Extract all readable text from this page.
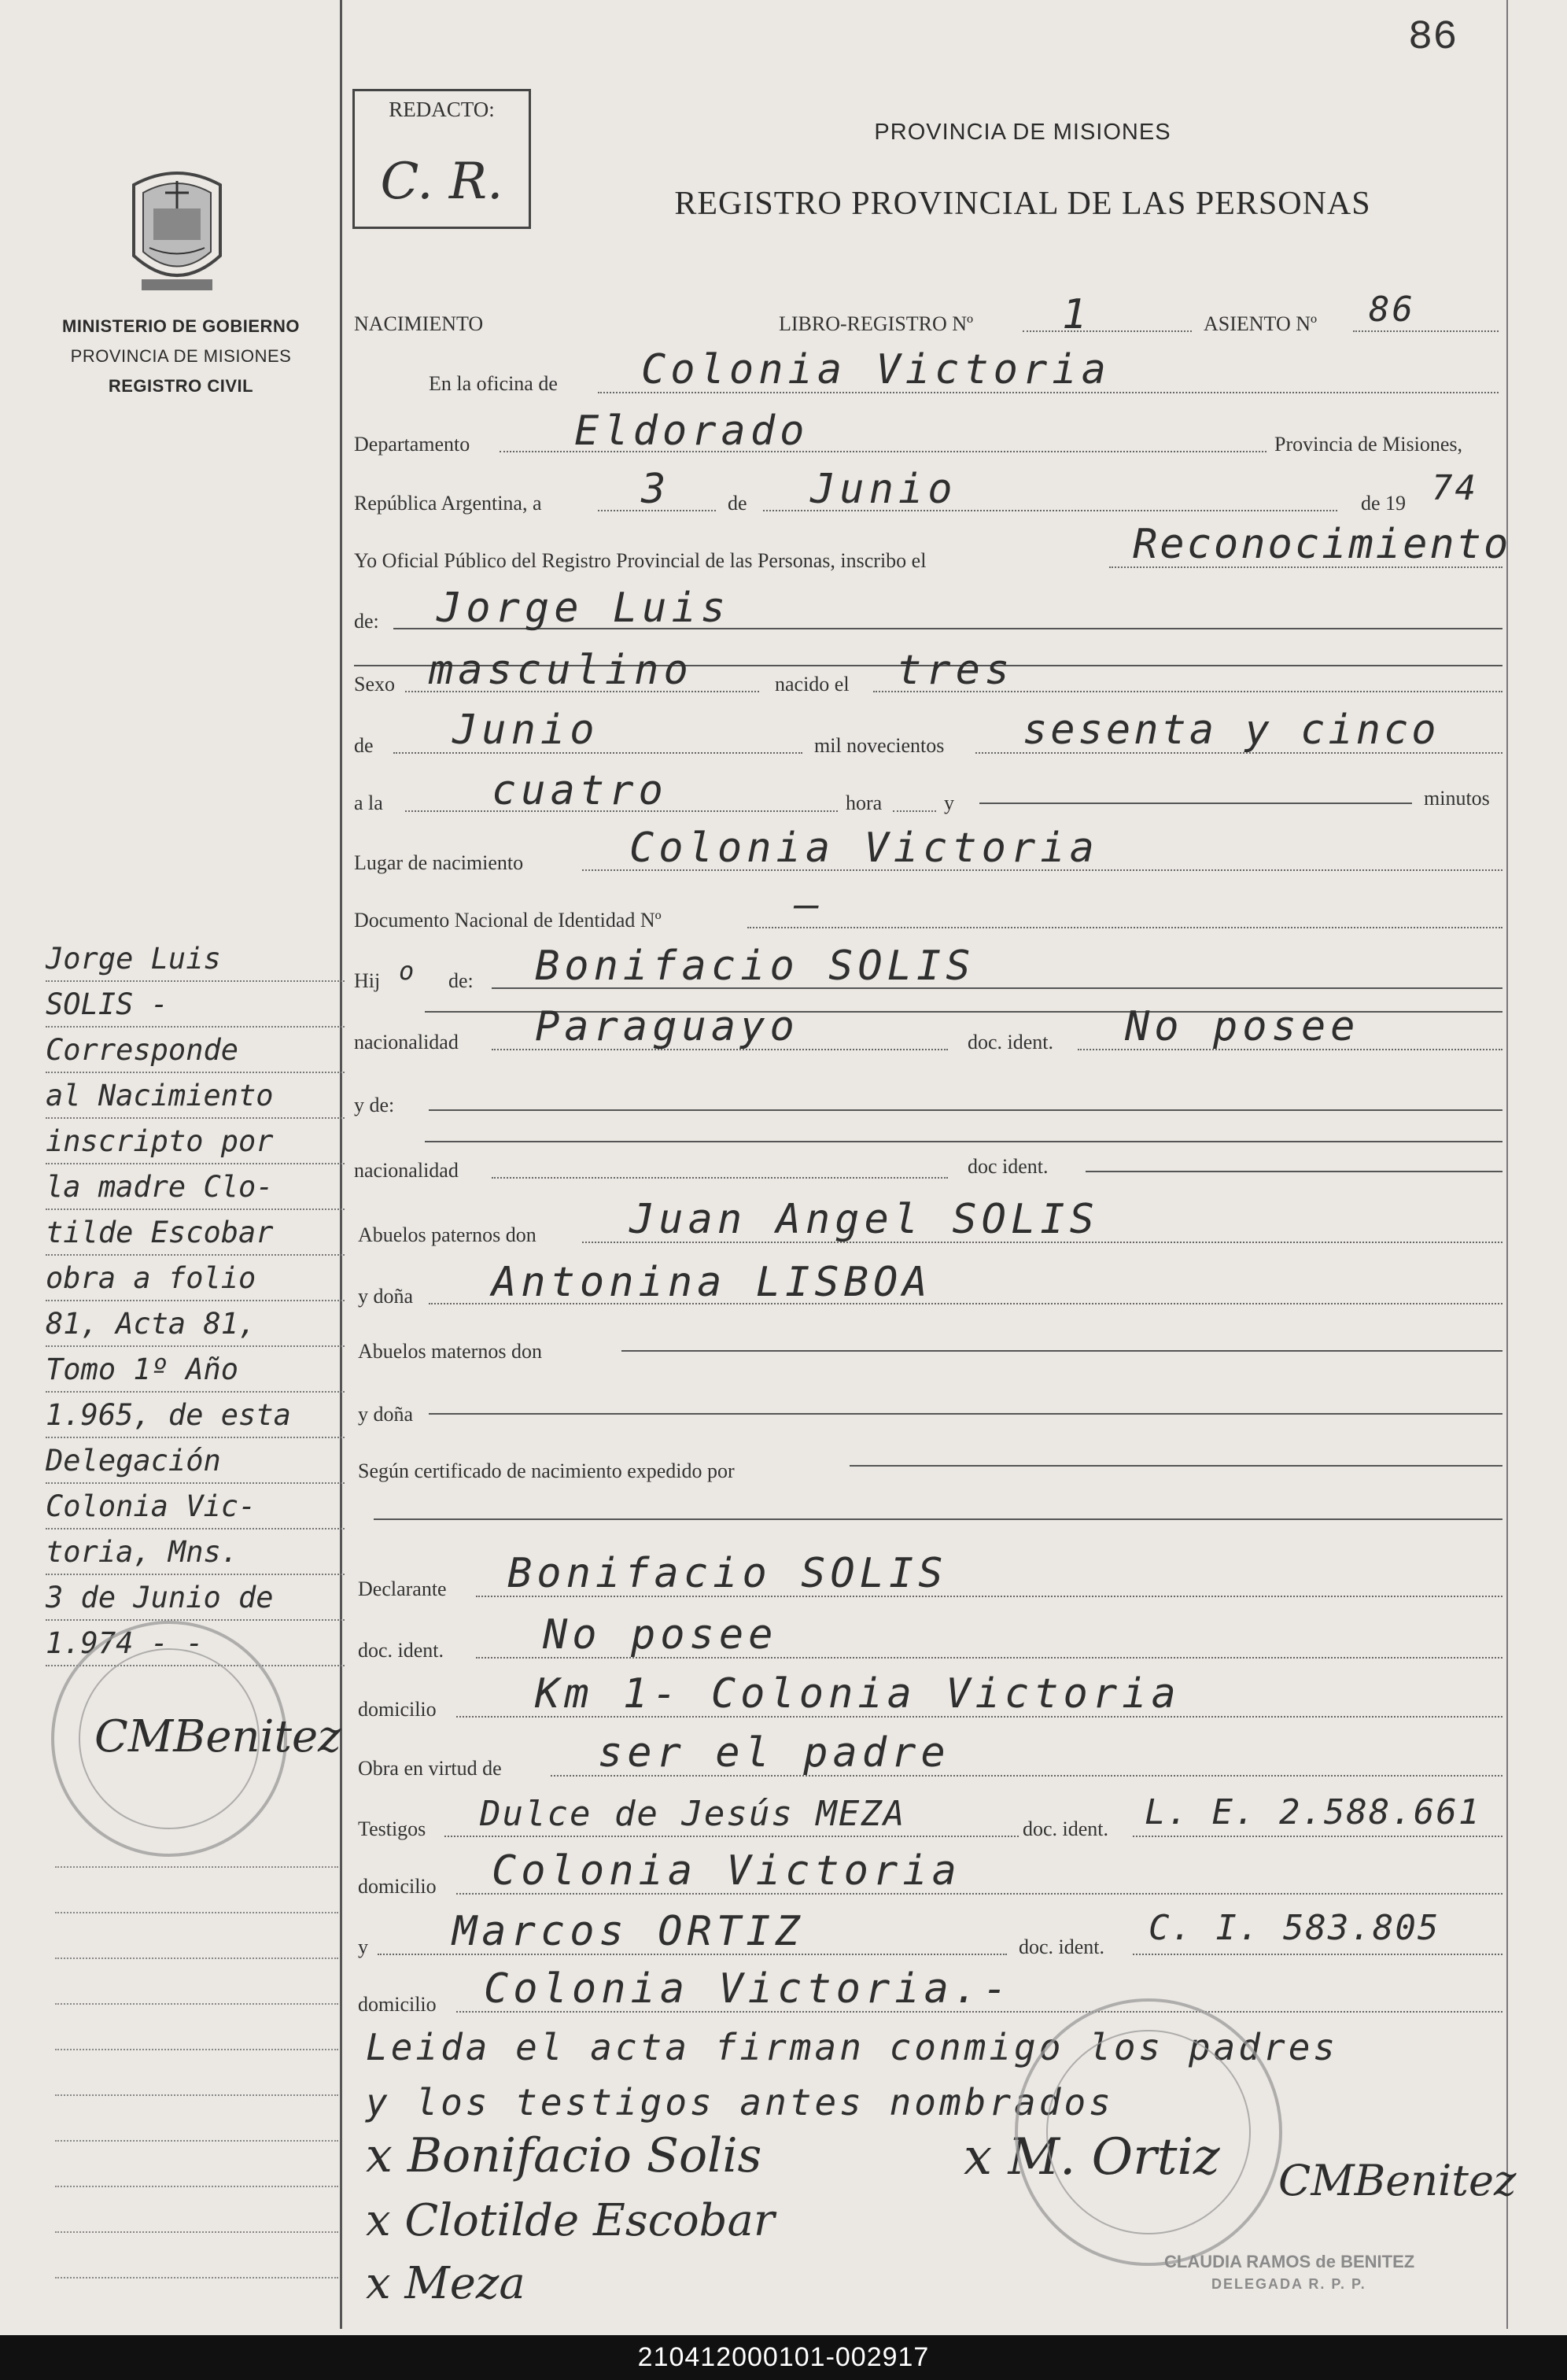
86
MINISTERIO DE GOBIERNO
PROVINCIA DE MISIONES
REGISTRO CIVIL
REDACTO:
C. R.
PROVINCIA DE MISIONES
REGISTRO PROVINCIAL DE LAS PERSONAS
NACIMIENTO	LIBRO-REGISTRO Nº 1	ASIENTO Nº 86
En la oficina de Colonia Victoria
Departamento	Eldorado	Provincia de Misiones,
República Argentina, a 3	de Junio	de 19 74
Yo Oficial Público del Registro Provincial de las Personas, inscribo el	Reconocimiento
de: Jorge Luis
Sexo masculino	nacido el tres
de Junio	mil novecientos sesenta y cinco
a la	cuatro	hora	y	minutos
Lugar de nacimiento	Colonia Victoria
Documento Nacional de Identidad Nº	—
Hij o de: Bonifacio SOLIS
nacionalidad Paraguayo	doc. ident. No posee
y de:
nacionalidad	doc ident.
Abuelos paternos don Juan Angel SOLIS
y doña Antonina LISBOA
Abuelos maternos don
y doña
Según certificado de nacimiento expedido por
Declarante Bonifacio SOLIS
doc. ident. No posee
domicilio Km 1- Colonia Victoria
Obra en virtud de ser el padre
Testigos Dulce de Jesús MEZA	doc. ident. L. E. 2.588.661
domicilio Colonia Victoria
y Marcos ORTIZ	doc. ident. C. I. 583.805
domicilio Colonia Victoria.-
Leida el acta firman conmigo los padres
y los testigos antes nombrados
x Bonifacio Solis
x Clotilde Escobar
x Meza
x M. Ortiz CMBenitez
CLAUDIA RAMOS de BENITEZ
DELEGADA R. P. P.
Jorge Luis
SOLIS -
Corresponde
al Nacimiento
inscripto por
la madre Clo-
tilde Escobar
obra a folio
81, Acta 81,
Tomo 1º Año
1.965, de esta
Delegación
Colonia Vic-
toria, Mns.
3 de Junio de
1.974 - -
CMBenitez
210412000101-002917
